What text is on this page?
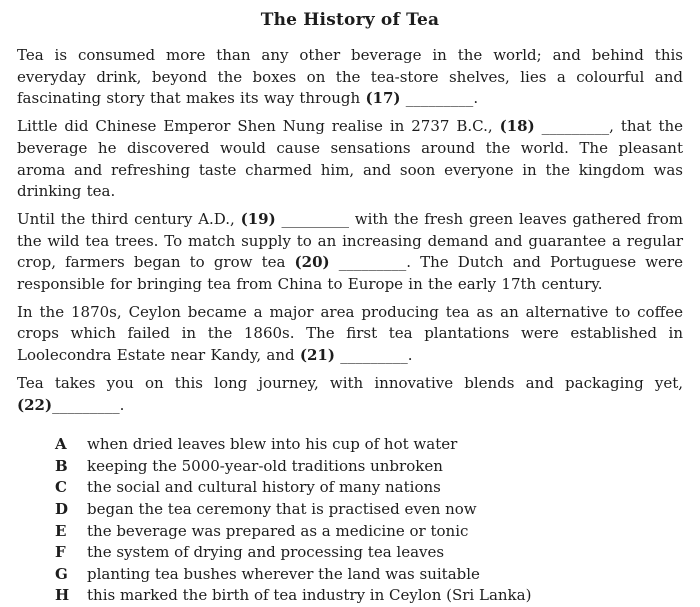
The History of Tea

Tea is consumed more than any other beverage in the world; and behind this everyday drink, beyond the boxes on the tea-store shelves, lies a colourful and fascinating story that makes its way through (17) _________.

Little did Chinese Emperor Shen Nung realise in 2737 B.C., (18) _________, that the beverage he discovered would cause sensations around the world. The pleasant aroma and refreshing taste charmed him, and soon everyone in the kingdom was drinking tea.

Until the third century A.D., (19) _________ with the fresh green leaves gathered from the wild tea trees. To match supply to an increasing demand and guarantee a regular crop, farmers began to grow tea (20) _________. The Dutch and Portuguese were responsible for bringing tea from China to Europe in the early 17th century.

In the 1870s, Ceylon became a major area producing tea as an alternative to coffee crops which failed in the 1860s. The first tea plantations were established in Loolecondra Estate near Kandy, and (21) _________.

Tea takes you on this long journey, with innovative blends and packaging yet,
(22)_________.

A when dried leaves blew into his cup of hot water
B keeping the 5000-year-old traditions unbroken
C the social and cultural history of many nations
D began the tea ceremony that is practised even now
E the beverage was prepared as a medicine or tonic
F the system of drying and processing tea leaves
G planting tea bushes wherever the land was suitable
H this marked the birth of tea industry in Ceylon (Sri Lanka)
